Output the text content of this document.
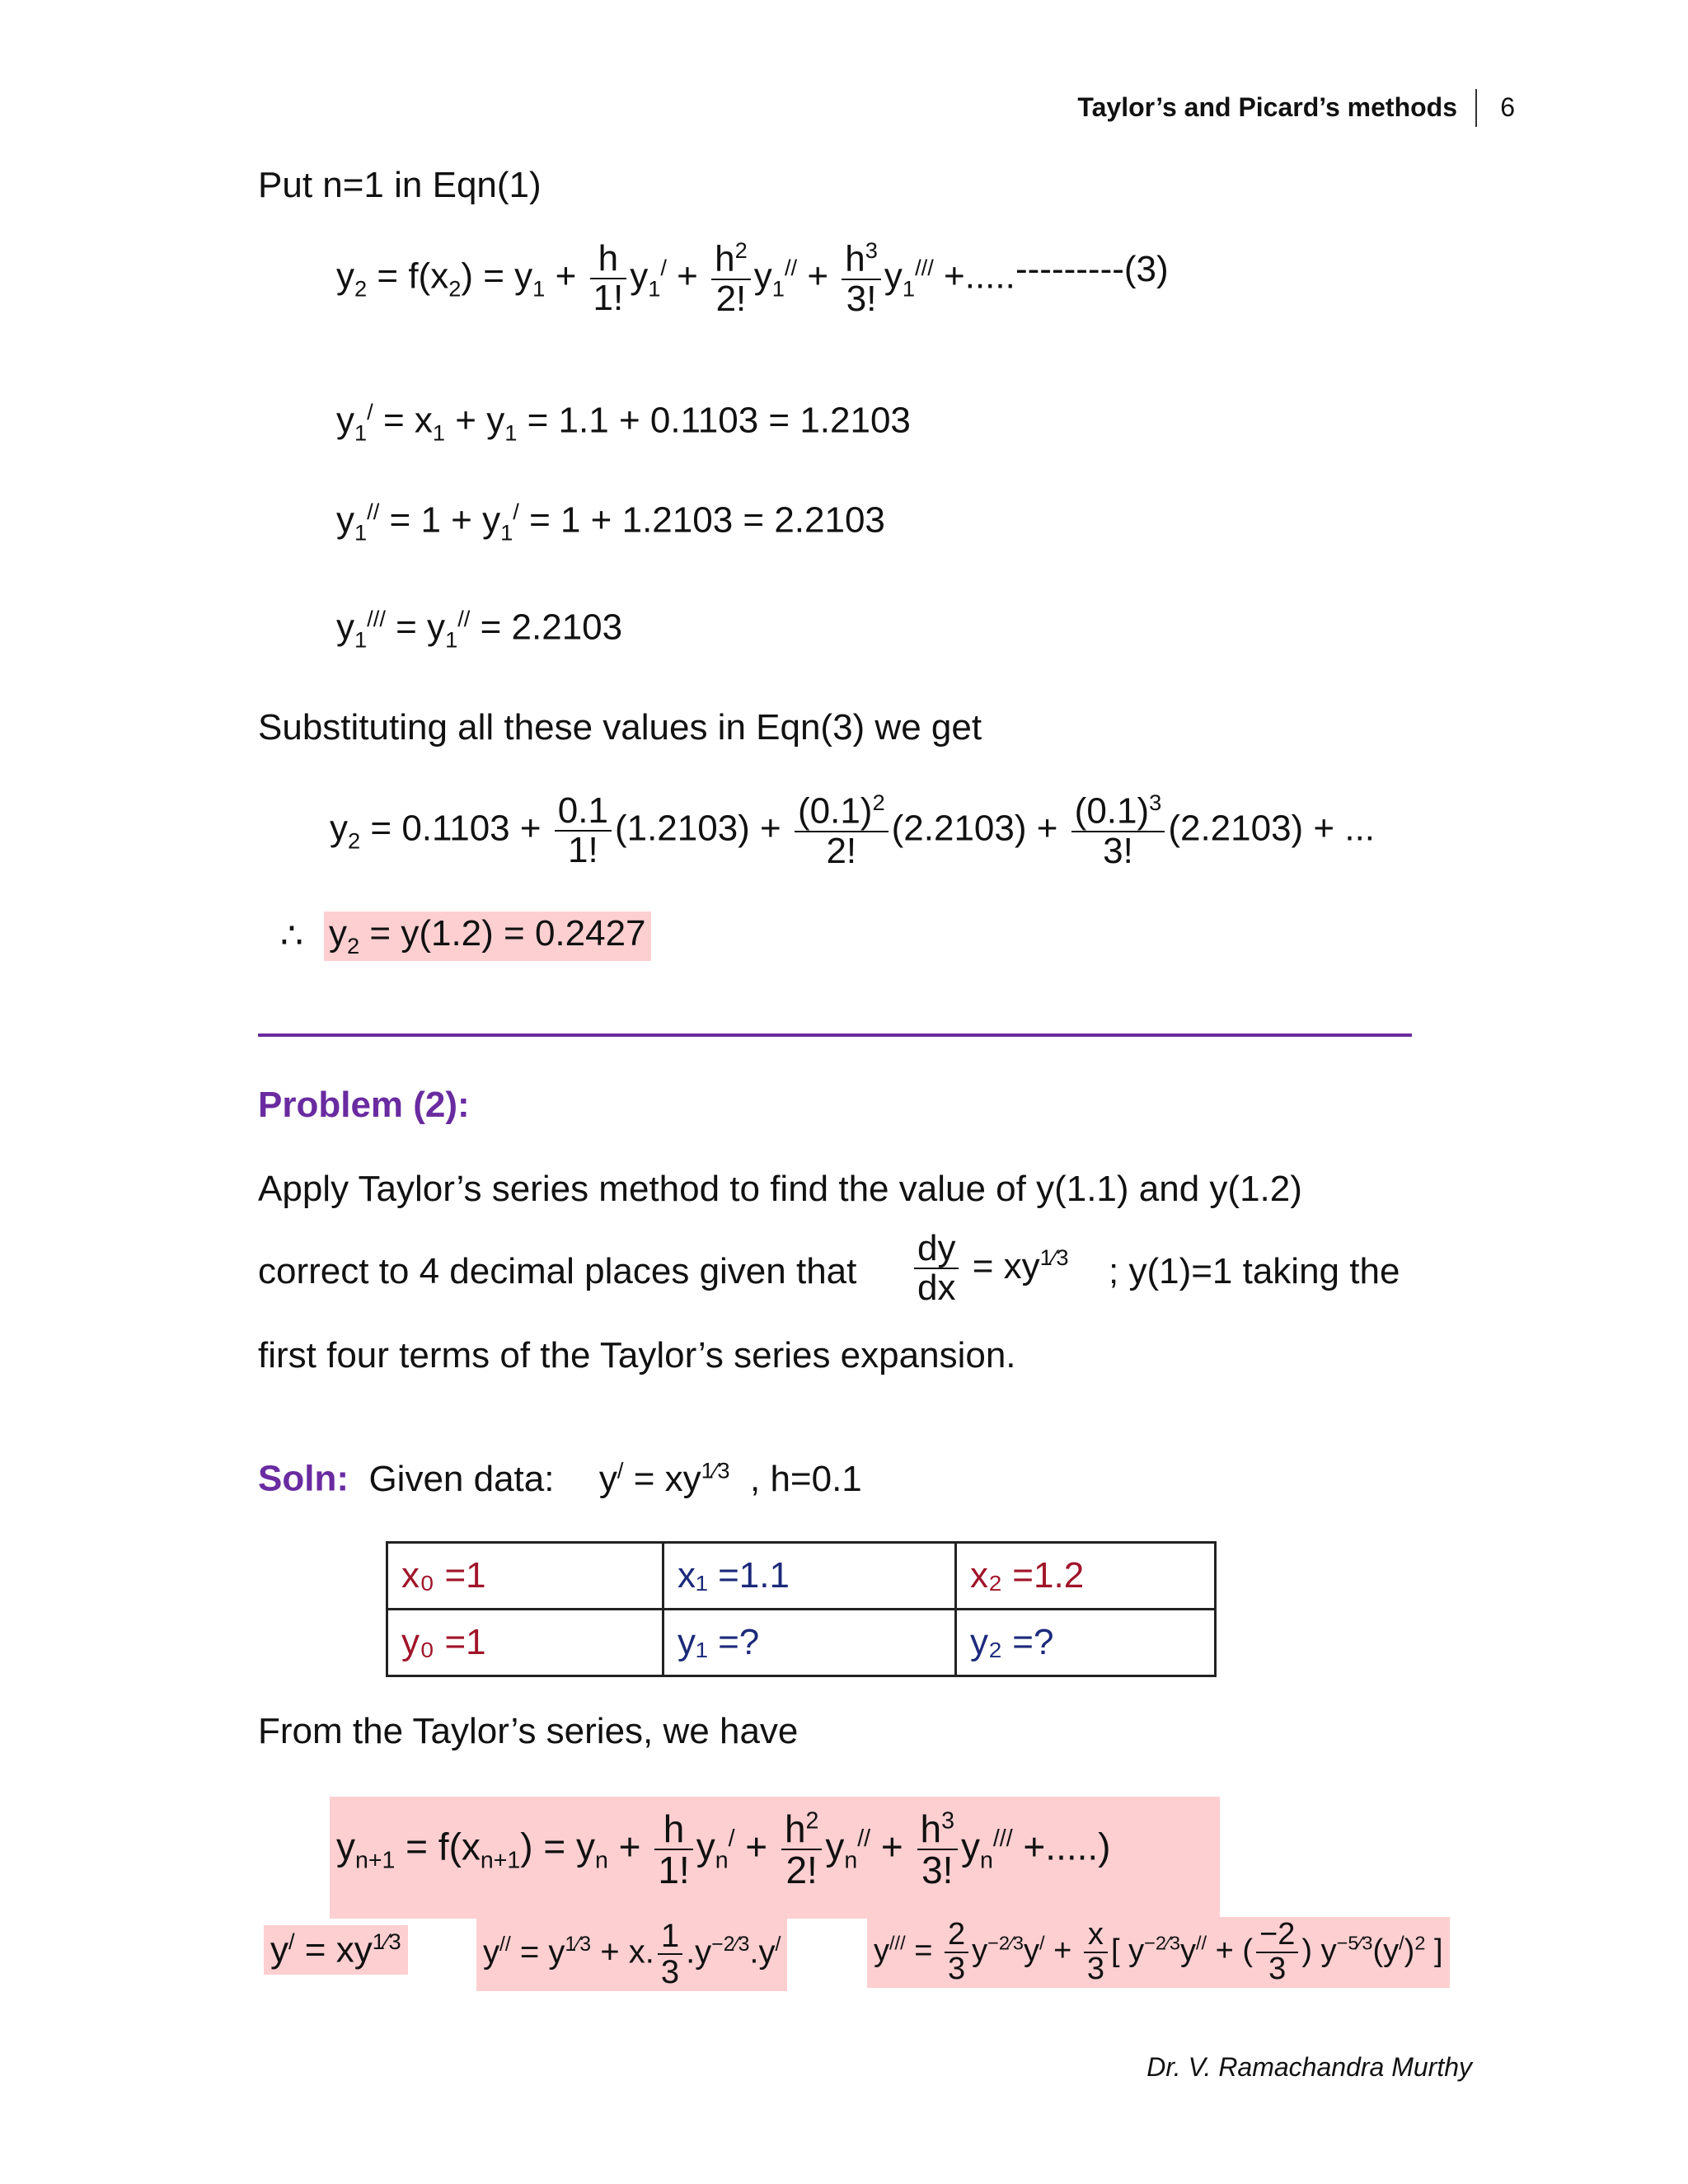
Taylor’s and Picard’s methods	6
Put n=1 in Eqn(1)
$y_2 = f(x_2) = y_1 + \frac{h}{1!} y_1^/ + \frac{h^2}{2!} y_1^{//} + \frac{h^3}{3!} y_1^{///}$ +..... ---------(3)
$y_1^/ = x_1 + y_1 = 1.1 + 0.1103 = 1.2103$
$y_1^{//} = 1 + y_1^/ = 1 + 1.2103 = 2.2103$
$y_1^{///} = y_1^{//} = 2.2103$
Substituting all these values in Eqn(3) we get
$y_2 = 0.1103 + \frac{0.1}{1!} (1.2103) + \frac{(0.1)^2}{2!} (2.2103) + \frac{(0.1)^3}{3!} (2.2103)$ + ...
∴ $y_2 = y(1.2) = 0.2427$
Problem (2):
Apply Taylor’s series method to find the value of y(1.1) and y(1.2)
correct to 4 decimal places given that $\frac{dy}{dx} = xy^{1⁄3}$ ; y(1)=1 taking the
first four terms of the Taylor’s series expansion.
Soln: Given data: $y^/ = xy^{1⁄3}$ , h=0.1
x₀ =1	x₁ =1.1	x₂ =1.2
y₀ =1	y₁ =?	y₂ =?
From the Taylor’s series, we have
$y_{n+1} = f(x_{n+1}) = y_n + \frac{h}{1!} y_n^/ + \frac{h^2}{2!} y_n^{//} + \frac{h^3}{3!} y_n^{///}$ +.....)
$y^/ = xy^{1⁄3}$ $y^{//} = y^{1⁄3} + x$. $\frac{1}{3} .y^{-2⁄3}.y^/$	$y^{///} = \frac{2}{3} y^{-2⁄3}y^/ + \frac{x}{3}$ [ $y^{-2⁄3}y^{//}$ + ( $\frac{-2}{3}$ ) $y^{-5⁄3}(y^/)^2$ ]
Dr. V. Ramachandra Murthy
